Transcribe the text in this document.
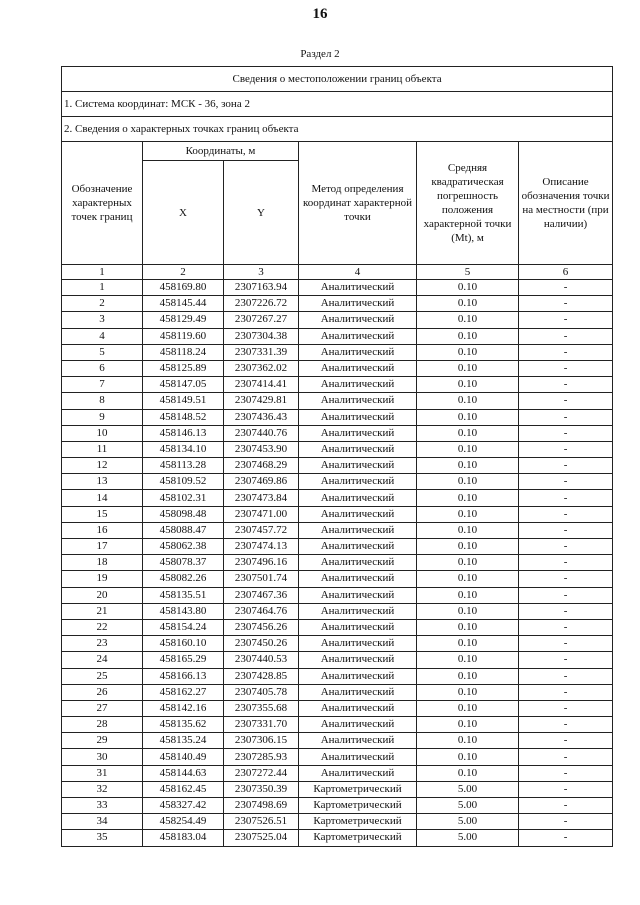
16
Раздел 2
Сведения о местоположении границ объекта					
1. Система координат: МСК - 36, зона 2					
2. Сведения о характерных точках границ объекта					
Обозначение характерных точек границ	Координаты, м		Метод определения координат характерной точки	Средняя квадратическая погрешность положения характерной точки (Mt), м	Описание обозначения точки на местности (при наличии)
	X	Y			
1	2	3	4	5	6
1	458169.80	2307163.94	Аналитический	0.10	-
2	458145.44	2307226.72	Аналитический	0.10	-
3	458129.49	2307267.27	Аналитический	0.10	-
4	458119.60	2307304.38	Аналитический	0.10	-
5	458118.24	2307331.39	Аналитический	0.10	-
6	458125.89	2307362.02	Аналитический	0.10	-
7	458147.05	2307414.41	Аналитический	0.10	-
8	458149.51	2307429.81	Аналитический	0.10	-
9	458148.52	2307436.43	Аналитический	0.10	-
10	458146.13	2307440.76	Аналитический	0.10	-
11	458134.10	2307453.90	Аналитический	0.10	-
12	458113.28	2307468.29	Аналитический	0.10	-
13	458109.52	2307469.86	Аналитический	0.10	-
14	458102.31	2307473.84	Аналитический	0.10	-
15	458098.48	2307471.00	Аналитический	0.10	-
16	458088.47	2307457.72	Аналитический	0.10	-
17	458062.38	2307474.13	Аналитический	0.10	-
18	458078.37	2307496.16	Аналитический	0.10	-
19	458082.26	2307501.74	Аналитический	0.10	-
20	458135.51	2307467.36	Аналитический	0.10	-
21	458143.80	2307464.76	Аналитический	0.10	-
22	458154.24	2307456.26	Аналитический	0.10	-
23	458160.10	2307450.26	Аналитический	0.10	-
24	458165.29	2307440.53	Аналитический	0.10	-
25	458166.13	2307428.85	Аналитический	0.10	-
26	458162.27	2307405.78	Аналитический	0.10	-
27	458142.16	2307355.68	Аналитический	0.10	-
28	458135.62	2307331.70	Аналитический	0.10	-
29	458135.24	2307306.15	Аналитический	0.10	-
30	458140.49	2307285.93	Аналитический	0.10	-
31	458144.63	2307272.44	Аналитический	0.10	-
32	458162.45	2307350.39	Картометрический	5.00	-
33	458327.42	2307498.69	Картометрический	5.00	-
34	458254.49	2307526.51	Картометрический	5.00	-
35	458183.04	2307525.04	Картометрический	5.00	-
